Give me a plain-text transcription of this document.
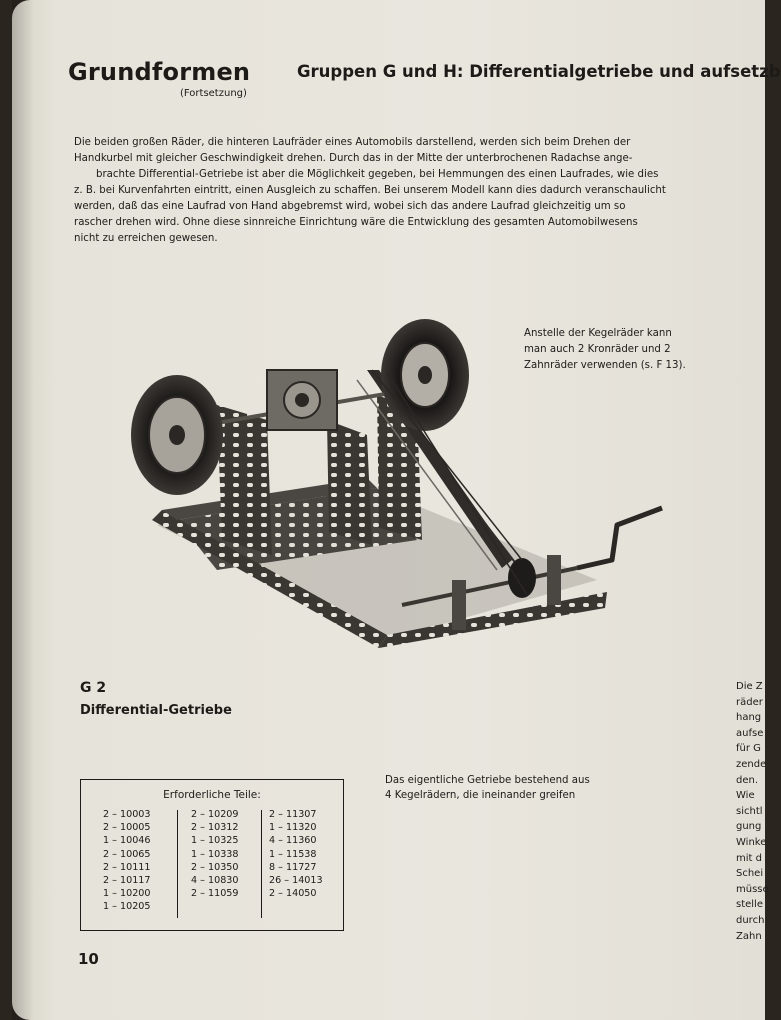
Grundformen
(Fortsetzung)
Gruppen G und H: Differentialgetriebe und aufsetzb

Die beiden großen Räder, die hinteren Laufräder eines Automobils darstellend, werden sich beim Drehen der

Handkurbel mit gleicher Geschwindigkeit drehen. Durch das in der Mitte der unterbrochenen Radachse ange-

brachte Differential-Getriebe ist aber die Möglichkeit gegeben, bei Hemmungen des einen Laufrades, wie dies

z. B. bei Kurvenfahrten eintritt, einen Ausgleich zu schaffen. Bei unserem Modell kann dies dadurch veranschaulicht

werden, daß das eine Laufrad von Hand abgebremst wird, wobei sich das andere Laufrad gleichzeitig um so

rascher drehen wird. Ohne diese sinnreiche Einrichtung wäre die Entwicklung des gesamten Automobilwesens

nicht zu erreichen gewesen.

Anstelle der Kegelräder kann
man auch 2 Kronräder und 2
Zahnräder verwenden (s. F 13).
G 2
Differential-Getriebe
Das eigentliche Getriebe bestehend aus
4 Kegelrädern, die ineinander greifen
Erforderliche Teile:
2 – 10003
2 – 10005
1 – 10046
2 – 10065
2 – 10111
2 – 10117
1 – 10200
1 – 10205
2 – 10209
2 – 10312
1 – 10325
1 – 10338
2 – 10350
4 – 10830
2 – 11059
2 – 11307
1 – 11320
4 – 11360
1 – 11538
8 – 11727
26 – 14013
2 – 14050
10
Die Z
räder
hang
aufse
für G
zende
den.
Wie
sichtl
gung
Winke
mit d
Schei
müsse
stelle
durch
Zahn
